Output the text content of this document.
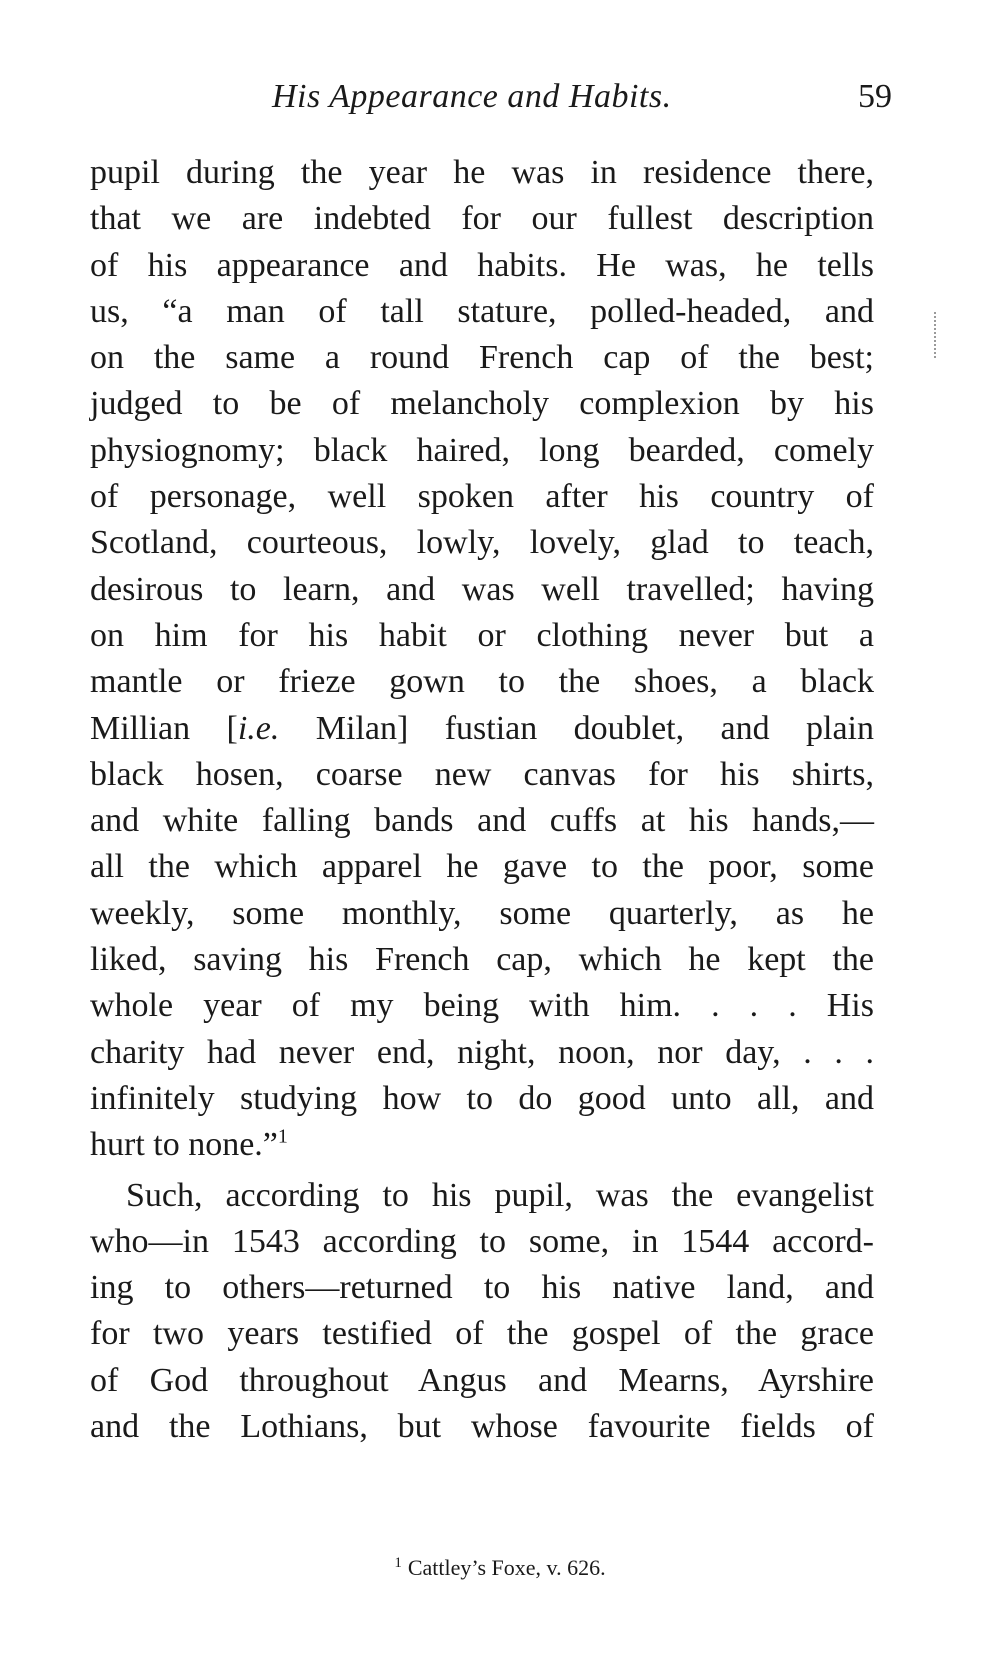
His Appearance and Habits.	59
pupil during the year he was in residence there,
that we are indebted for our fullest description
of his appearance and habits. He was, he tells
us, “a man of tall stature, polled-headed, and
on the same a round French cap of the best;
judged to be of melancholy complexion by his
physiognomy; black haired, long bearded, comely
of personage, well spoken after his country of
Scotland, courteous, lowly, lovely, glad to teach,
desirous to learn, and was well travelled; having
on him for his habit or clothing never but a
mantle or frieze gown to the shoes, a black
Millian [i.e. Milan] fustian doublet, and plain
black hosen, coarse new canvas for his shirts,
and white falling bands and cuffs at his hands,—
all the which apparel he gave to the poor, some
weekly, some monthly, some quarterly, as he
liked, saving his French cap, which he kept the
whole year of my being with him. . . . His
charity had never end, night, noon, nor day, . . .
infinitely studying how to do good unto all, and
hurt to none.”$^1$
Such, according to his pupil, was the evangelist
who—in 1543 according to some, in 1544 accord-
ing to others—returned to his native land, and
for two years testified of the gospel of the grace
of God throughout Angus and Mearns, Ayrshire
and the Lothians, but whose favourite fields of
$^1$ Cattley’s Foxe, v. 626.
